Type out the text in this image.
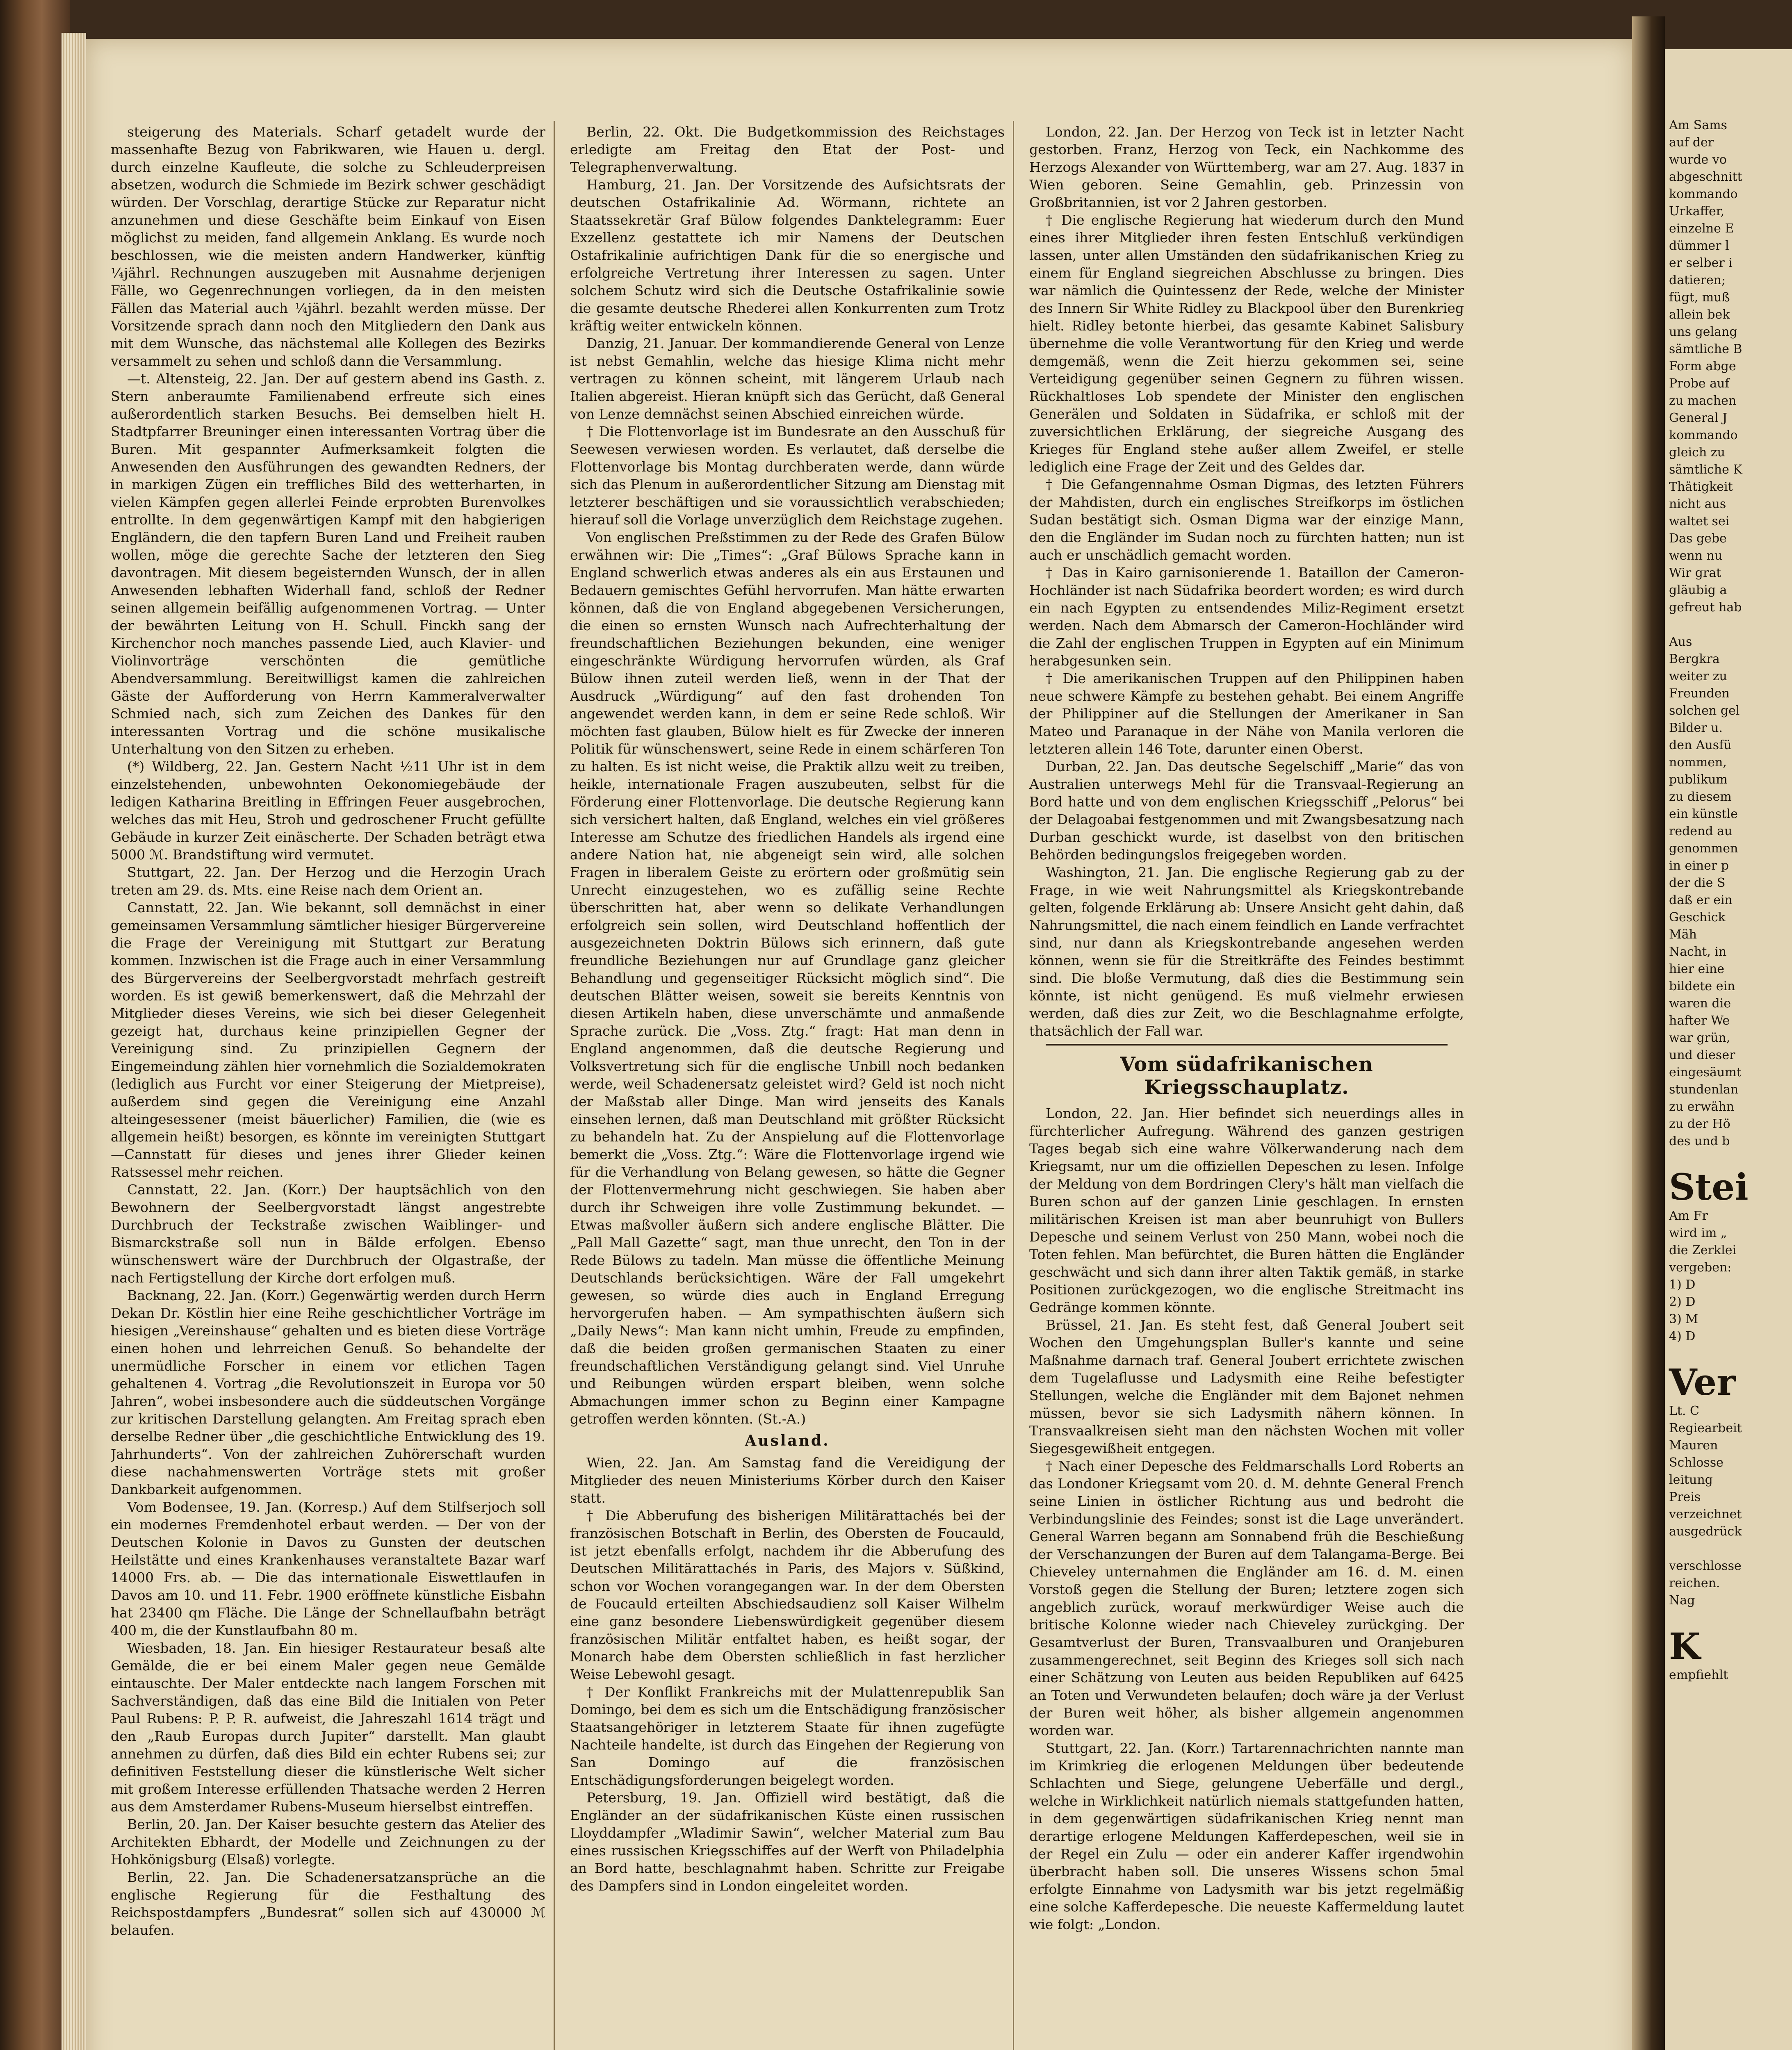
steigerung des Materials. Scharf getadelt wurde der massenhafte Bezug von Fabrikwaren, wie Hauen u. dergl. durch einzelne Kaufleute, die solche zu Schleuderpreisen absetzen, wodurch die Schmiede im Bezirk schwer geschädigt würden. Der Vorschlag, derartige Stücke zur Reparatur nicht anzunehmen und diese Geschäfte beim Einkauf von Eisen möglichst zu meiden, fand allgemein Anklang. Es wurde noch beschlossen, wie die meisten andern Handwerker, künftig ¼jährl. Rechnungen auszugeben mit Ausnahme derjenigen Fälle, wo Gegenrechnungen vorliegen, da in den meisten Fällen das Material auch ¼jährl. bezahlt werden müsse. Der Vorsitzende sprach dann noch den Mitgliedern den Dank aus mit dem Wunsche, das nächstemal alle Kollegen des Bezirks versammelt zu sehen und schloß dann die Versammlung.

—t. Altensteig, 22. Jan. Der auf gestern abend ins Gasth. z. Stern anberaumte Familienabend erfreute sich eines außerordentlich starken Besuchs. Bei demselben hielt H. Stadtpfarrer Breuninger einen interessanten Vortrag über die Buren. Mit gespannter Aufmerksamkeit folgten die Anwesenden den Ausführungen des gewandten Redners, der in markigen Zügen ein treffliches Bild des wetterharten, in vielen Kämpfen gegen allerlei Feinde erprobten Burenvolkes entrollte. In dem gegenwärtigen Kampf mit den habgierigen Engländern, die den tapfern Buren Land und Freiheit rauben wollen, möge die gerechte Sache der letzteren den Sieg davontragen. Mit diesem begeisternden Wunsch, der in allen Anwesenden lebhaften Widerhall fand, schloß der Redner seinen allgemein beifällig aufgenommenen Vortrag. — Unter der bewährten Leitung von H. Schull. Finckh sang der Kirchenchor noch manches passende Lied, auch Klavier- und Violinvorträge verschönten die gemütliche Abendversammlung. Bereitwilligst kamen die zahlreichen Gäste der Aufforderung von Herrn Kammeralverwalter Schmied nach, sich zum Zeichen des Dankes für den interessanten Vortrag und die schöne musikalische Unterhaltung von den Sitzen zu erheben.

(*) Wildberg, 22. Jan. Gestern Nacht ½11 Uhr ist in dem einzelstehenden, unbewohnten Oekonomiegebäude der ledigen Katharina Breitling in Effringen Feuer ausgebrochen, welches das mit Heu, Stroh und gedroschener Frucht gefüllte Gebäude in kurzer Zeit einäscherte. Der Schaden beträgt etwa 5000 ℳ. Brandstiftung wird vermutet.

Stuttgart, 22. Jan. Der Herzog und die Herzogin Urach treten am 29. ds. Mts. eine Reise nach dem Orient an.

Cannstatt, 22. Jan. Wie bekannt, soll demnächst in einer gemeinsamen Versammlung sämtlicher hiesiger Bürgervereine die Frage der Vereinigung mit Stuttgart zur Beratung kommen. Inzwischen ist die Frage auch in einer Versammlung des Bürgervereins der Seelbergvorstadt mehrfach gestreift worden. Es ist gewiß bemerkenswert, daß die Mehrzahl der Mitglieder dieses Vereins, wie sich bei dieser Gelegenheit gezeigt hat, durchaus keine prinzipiellen Gegner der Vereinigung sind. Zu prinzipiellen Gegnern der Eingemeindung zählen hier vornehmlich die Sozialdemokraten (lediglich aus Furcht vor einer Steigerung der Mietpreise), außerdem sind gegen die Vereinigung eine Anzahl alteingesessener (meist bäuerlicher) Familien, die (wie es allgemein heißt) besorgen, es könnte im vereinigten Stuttgart—Cannstatt für dieses und jenes ihrer Glieder keinen Ratssessel mehr reichen.

Cannstatt, 22. Jan. (Korr.) Der hauptsächlich von den Bewohnern der Seelbergvorstadt längst angestrebte Durchbruch der Teckstraße zwischen Waiblinger- und Bismarckstraße soll nun in Bälde erfolgen. Ebenso wünschenswert wäre der Durchbruch der Olgastraße, der nach Fertigstellung der Kirche dort erfolgen muß.

Backnang, 22. Jan. (Korr.) Gegenwärtig werden durch Herrn Dekan Dr. Köstlin hier eine Reihe geschichtlicher Vorträge im hiesigen „Vereinshause“ gehalten und es bieten diese Vorträge einen hohen und lehrreichen Genuß. So behandelte der unermüdliche Forscher in einem vor etlichen Tagen gehaltenen 4. Vortrag „die Revolutionszeit in Europa vor 50 Jahren“, wobei insbesondere auch die süddeutschen Vorgänge zur kritischen Darstellung gelangten. Am Freitag sprach eben derselbe Redner über „die geschichtliche Entwicklung des 19. Jahrhunderts“. Von der zahlreichen Zuhörerschaft wurden diese nachahmenswerten Vorträge stets mit großer Dankbarkeit aufgenommen.

Vom Bodensee, 19. Jan. (Korresp.) Auf dem Stilfserjoch soll ein modernes Fremdenhotel erbaut werden. — Der von der Deutschen Kolonie in Davos zu Gunsten der deutschen Heilstätte und eines Krankenhauses veranstaltete Bazar warf 14000 Frs. ab. — Die das internationale Eiswettlaufen in Davos am 10. und 11. Febr. 1900 eröffnete künstliche Eisbahn hat 23400 qm Fläche. Die Länge der Schnellaufbahn beträgt 400 m, die der Kunstlaufbahn 80 m.

Wiesbaden, 18. Jan. Ein hiesiger Restaurateur besaß alte Gemälde, die er bei einem Maler gegen neue Gemälde eintauschte. Der Maler entdeckte nach langem Forschen mit Sachverständigen, daß das eine Bild die Initialen von Peter Paul Rubens: P. P. R. aufweist, die Jahreszahl 1614 trägt und den „Raub Europas durch Jupiter“ darstellt. Man glaubt annehmen zu dürfen, daß dies Bild ein echter Rubens sei; zur definitiven Feststellung dieser die künstlerische Welt sicher mit großem Interesse erfüllenden Thatsache werden 2 Herren aus dem Amsterdamer Rubens-Museum hierselbst eintreffen.

Berlin, 20. Jan. Der Kaiser besuchte gestern das Atelier des Architekten Ebhardt, der Modelle und Zeichnungen zu der Hohkönigsburg (Elsaß) vorlegte.

Berlin, 22. Jan. Die Schadenersatzansprüche an die englische Regierung für die Festhaltung des Reichspostdampfers „Bundesrat“ sollen sich auf 430000 ℳ belaufen.

Berlin, 22. Okt. Die Budgetkommission des Reichstages erledigte am Freitag den Etat der Post- und Telegraphenverwaltung.

Hamburg, 21. Jan. Der Vorsitzende des Aufsichtsrats der deutschen Ostafrikalinie Ad. Wörmann, richtete an Staatssekretär Graf Bülow folgendes Danktelegramm: Euer Exzellenz gestattete ich mir Namens der Deutschen Ostafrikalinie aufrichtigen Dank für die so energische und erfolgreiche Vertretung ihrer Interessen zu sagen. Unter solchem Schutz wird sich die Deutsche Ostafrikalinie sowie die gesamte deutsche Rhederei allen Konkurrenten zum Trotz kräftig weiter entwickeln können.

Danzig, 21. Januar. Der kommandierende General von Lenze ist nebst Gemahlin, welche das hiesige Klima nicht mehr vertragen zu können scheint, mit längerem Urlaub nach Italien abgereist. Hieran knüpft sich das Gerücht, daß General von Lenze demnächst seinen Abschied einreichen würde.

† Die Flottenvorlage ist im Bundesrate an den Ausschuß für Seewesen verwiesen worden. Es verlautet, daß derselbe die Flottenvorlage bis Montag durchberaten werde, dann würde sich das Plenum in außerordentlicher Sitzung am Dienstag mit letzterer beschäftigen und sie voraussichtlich verabschieden; hierauf soll die Vorlage unverzüglich dem Reichstage zugehen.

Von englischen Preßstimmen zu der Rede des Grafen Bülow erwähnen wir: Die „Times“: „Graf Bülows Sprache kann in England schwerlich etwas anderes als ein aus Erstaunen und Bedauern gemischtes Gefühl hervorrufen. Man hätte erwarten können, daß die von England abgegebenen Versicherungen, die einen so ernsten Wunsch nach Aufrechterhaltung der freundschaftlichen Beziehungen bekunden, eine weniger eingeschränkte Würdigung hervorrufen würden, als Graf Bülow ihnen zuteil werden ließ, wenn in der That der Ausdruck „Würdigung“ auf den fast drohenden Ton angewendet werden kann, in dem er seine Rede schloß. Wir möchten fast glauben, Bülow hielt es für Zwecke der inneren Politik für wünschenswert, seine Rede in einem schärferen Ton zu halten. Es ist nicht weise, die Praktik allzu weit zu treiben, heikle, internationale Fragen auszubeuten, selbst für die Förderung einer Flottenvorlage. Die deutsche Regierung kann sich versichert halten, daß England, welches ein viel größeres Interesse am Schutze des friedlichen Handels als irgend eine andere Nation hat, nie abgeneigt sein wird, alle solchen Fragen in liberalem Geiste zu erörtern oder großmütig sein Unrecht einzugestehen, wo es zufällig seine Rechte überschritten hat, aber wenn so delikate Verhandlungen erfolgreich sein sollen, wird Deutschland hoffentlich der ausgezeichneten Doktrin Bülows sich erinnern, daß gute freundliche Beziehungen nur auf Grundlage ganz gleicher Behandlung und gegenseitiger Rücksicht möglich sind“. Die deutschen Blätter weisen, soweit sie bereits Kenntnis von diesen Artikeln haben, diese unverschämte und anmaßende Sprache zurück. Die „Voss. Ztg.“ fragt: Hat man denn in England angenommen, daß die deutsche Regierung und Volksvertretung sich für die englische Unbill noch bedanken werde, weil Schadenersatz geleistet wird? Geld ist noch nicht der Maßstab aller Dinge. Man wird jenseits des Kanals einsehen lernen, daß man Deutschland mit größter Rücksicht zu behandeln hat. Zu der Anspielung auf die Flottenvorlage bemerkt die „Voss. Ztg.“: Wäre die Flottenvorlage irgend wie für die Verhandlung von Belang gewesen, so hätte die Gegner der Flottenvermehrung nicht geschwiegen. Sie haben aber durch ihr Schweigen ihre volle Zustimmung bekundet. — Etwas maßvoller äußern sich andere englische Blätter. Die „Pall Mall Gazette“ sagt, man thue unrecht, den Ton in der Rede Bülows zu tadeln. Man müsse die öffentliche Meinung Deutschlands berücksichtigen. Wäre der Fall umgekehrt gewesen, so würde dies auch in England Erregung hervorgerufen haben. — Am sympathischten äußern sich „Daily News“: Man kann nicht umhin, Freude zu empfinden, daß die beiden großen germanischen Staaten zu einer freundschaftlichen Verständigung gelangt sind. Viel Unruhe und Reibungen würden erspart bleiben, wenn solche Abmachungen immer schon zu Beginn einer Kampagne getroffen werden könnten. (St.-A.)

Ausland.

Wien, 22. Jan. Am Samstag fand die Vereidigung der Mitglieder des neuen Ministeriums Körber durch den Kaiser statt.

† Die Abberufung des bisherigen Militärattachés bei der französischen Botschaft in Berlin, des Obersten de Foucauld, ist jetzt ebenfalls erfolgt, nachdem ihr die Abberufung des Deutschen Militärattachés in Paris, des Majors v. Süßkind, schon vor Wochen vorangegangen war. In der dem Obersten de Foucauld erteilten Abschiedsaudienz soll Kaiser Wilhelm eine ganz besondere Liebenswürdigkeit gegenüber diesem französischen Militär entfaltet haben, es heißt sogar, der Monarch habe dem Obersten schließlich in fast herzlicher Weise Lebewohl gesagt.

† Der Konflikt Frankreichs mit der Mulattenrepublik San Domingo, bei dem es sich um die Entschädigung französischer Staatsangehöriger in letzterem Staate für ihnen zugefügte Nachteile handelte, ist durch das Eingehen der Regierung von San Domingo auf die französischen Entschädigungsforderungen beigelegt worden.

Petersburg, 19. Jan. Offiziell wird bestätigt, daß die Engländer an der südafrikanischen Küste einen russischen Lloyddampfer „Wladimir Sawin“, welcher Material zum Bau eines russischen Kriegsschiffes auf der Werft von Philadelphia an Bord hatte, beschlagnahmt haben. Schritte zur Freigabe des Dampfers sind in London eingeleitet worden.

London, 22. Jan. Der Herzog von Teck ist in letzter Nacht gestorben. Franz, Herzog von Teck, ein Nachkomme des Herzogs Alexander von Württemberg, war am 27. Aug. 1837 in Wien geboren. Seine Gemahlin, geb. Prinzessin von Großbritannien, ist vor 2 Jahren gestorben.

† Die englische Regierung hat wiederum durch den Mund eines ihrer Mitglieder ihren festen Entschluß verkündigen lassen, unter allen Umständen den südafrikanischen Krieg zu einem für England siegreichen Abschlusse zu bringen. Dies war nämlich die Quintessenz der Rede, welche der Minister des Innern Sir White Ridley zu Blackpool über den Burenkrieg hielt. Ridley betonte hierbei, das gesamte Kabinet Salisbury übernehme die volle Verantwortung für den Krieg und werde demgemäß, wenn die Zeit hierzu gekommen sei, seine Verteidigung gegenüber seinen Gegnern zu führen wissen. Rückhaltloses Lob spendete der Minister den englischen Generälen und Soldaten in Südafrika, er schloß mit der zuversichtlichen Erklärung, der siegreiche Ausgang des Krieges für England stehe außer allem Zweifel, er stelle lediglich eine Frage der Zeit und des Geldes dar.

† Die Gefangennahme Osman Digmas, des letzten Führers der Mahdisten, durch ein englisches Streifkorps im östlichen Sudan bestätigt sich. Osman Digma war der einzige Mann, den die Engländer im Sudan noch zu fürchten hatten; nun ist auch er unschädlich gemacht worden.

† Das in Kairo garnisonierende 1. Bataillon der Cameron-Hochländer ist nach Südafrika beordert worden; es wird durch ein nach Egypten zu entsendendes Miliz-Regiment ersetzt werden. Nach dem Abmarsch der Cameron-Hochländer wird die Zahl der englischen Truppen in Egypten auf ein Minimum herabgesunken sein.

† Die amerikanischen Truppen auf den Philippinen haben neue schwere Kämpfe zu bestehen gehabt. Bei einem Angriffe der Philippiner auf die Stellungen der Amerikaner in San Mateo und Paranaque in der Nähe von Manila verloren die letzteren allein 146 Tote, darunter einen Oberst.

Durban, 22. Jan. Das deutsche Segelschiff „Marie“ das von Australien unterwegs Mehl für die Transvaal-Regierung an Bord hatte und von dem englischen Kriegsschiff „Pelorus“ bei der Delagoabai festgenommen und mit Zwangsbesatzung nach Durban geschickt wurde, ist daselbst von den britischen Behörden bedingungslos freigegeben worden.

Washington, 21. Jan. Die englische Regierung gab zu der Frage, in wie weit Nahrungsmittel als Kriegskontrebande gelten, folgende Erklärung ab: Unsere Ansicht geht dahin, daß Nahrungsmittel, die nach einem feindlich en Lande verfrachtet sind, nur dann als Kriegskontrebande angesehen werden können, wenn sie für die Streitkräfte des Feindes bestimmt sind. Die bloße Vermutung, daß dies die Bestimmung sein könnte, ist nicht genügend. Es muß vielmehr erwiesen werden, daß dies zur Zeit, wo die Beschlagnahme erfolgte, thatsächlich der Fall war.

Vom südafrikanischen Kriegsschauplatz.

London, 22. Jan. Hier befindet sich neuerdings alles in fürchterlicher Aufregung. Während des ganzen gestrigen Tages begab sich eine wahre Völkerwanderung nach dem Kriegsamt, nur um die offiziellen Depeschen zu lesen. Infolge der Meldung von dem Bordringen Clery's hält man vielfach die Buren schon auf der ganzen Linie geschlagen. In ernsten militärischen Kreisen ist man aber beunruhigt von Bullers Depesche und seinem Verlust von 250 Mann, wobei noch die Toten fehlen. Man befürchtet, die Buren hätten die Engländer geschwächt und sich dann ihrer alten Taktik gemäß, in starke Positionen zurückgezogen, wo die englische Streitmacht ins Gedränge kommen könnte.

Brüssel, 21. Jan. Es steht fest, daß General Joubert seit Wochen den Umgehungsplan Buller's kannte und seine Maßnahme darnach traf. General Joubert errichtete zwischen dem Tugelaflusse und Ladysmith eine Reihe befestigter Stellungen, welche die Engländer mit dem Bajonet nehmen müssen, bevor sie sich Ladysmith nähern können. In Transvaalkreisen sieht man den nächsten Wochen mit voller Siegesgewißheit entgegen.

† Nach einer Depesche des Feldmarschalls Lord Roberts an das Londoner Kriegsamt vom 20. d. M. dehnte General French seine Linien in östlicher Richtung aus und bedroht die Verbindungslinie des Feindes; sonst ist die Lage unverändert. General Warren begann am Sonnabend früh die Beschießung der Verschanzungen der Buren auf dem Talangama-Berge. Bei Chieveley unternahmen die Engländer am 16. d. M. einen Vorstoß gegen die Stellung der Buren; letztere zogen sich angeblich zurück, worauf merkwürdiger Weise auch die britische Kolonne wieder nach Chieveley zurückging. Der Gesamtverlust der Buren, Transvaalburen und Oranjeburen zusammengerechnet, seit Beginn des Krieges soll sich nach einer Schätzung von Leuten aus beiden Republiken auf 6425 an Toten und Verwundeten belaufen; doch wäre ja der Verlust der Buren weit höher, als bisher allgemein angenommen worden war.

Stuttgart, 22. Jan. (Korr.) Tartarennachrichten nannte man im Krimkrieg die erlogenen Meldungen über bedeutende Schlachten und Siege, gelungene Ueberfälle und dergl., welche in Wirklichkeit natürlich niemals stattgefunden hatten, in dem gegenwärtigen südafrikanischen Krieg nennt man derartige erlogene Meldungen Kafferdepeschen, weil sie in der Regel ein Zulu — oder ein anderer Kaffer irgendwohin überbracht haben soll. Die unseres Wissens schon 5mal erfolgte Einnahme von Ladysmith war bis jetzt regelmäßig eine solche Kafferdepesche. Die neueste Kaffermeldung lautet wie folgt: „London.

Am Sams
auf der
wurde vo
abgeschnitt
kommando
Urkaffer,
einzelne E
dümmer l
er selber i
datieren;
fügt, muß
allein bek
uns gelang
sämtliche B
Form abge
Probe auf
zu machen
General J
kommando
gleich zu
sämtliche K
Thätigkeit
nicht aus
waltet sei
Das gebe
wenn nu
Wir grat
gläubig a
gefreut hab
Aus
Bergkra
weiter zu
Freunden
solchen gel
Bilder u.
den Ausfü
nommen,
publikum
zu diesem
ein künstle
redend au
genommen
in einer p
der die S
daß er ein
Geschick
Mäh
Nacht, in
hier eine
bildete ein
waren die
hafter We
war grün,
und dieser
eingesäumt
stundenlan
zu erwähn
zu der Hö
des und b
Stei
Am Fr
wird im „
die Zerklei
vergeben:
1) D
2) D
3) M
4) D
Ver
Lt. C
Regiearbeit
Mauren
Schlosse
leitung
Preis
verzeichnet
ausgedrück
verschlosse
reichen.
Nag
K
empfiehlt
